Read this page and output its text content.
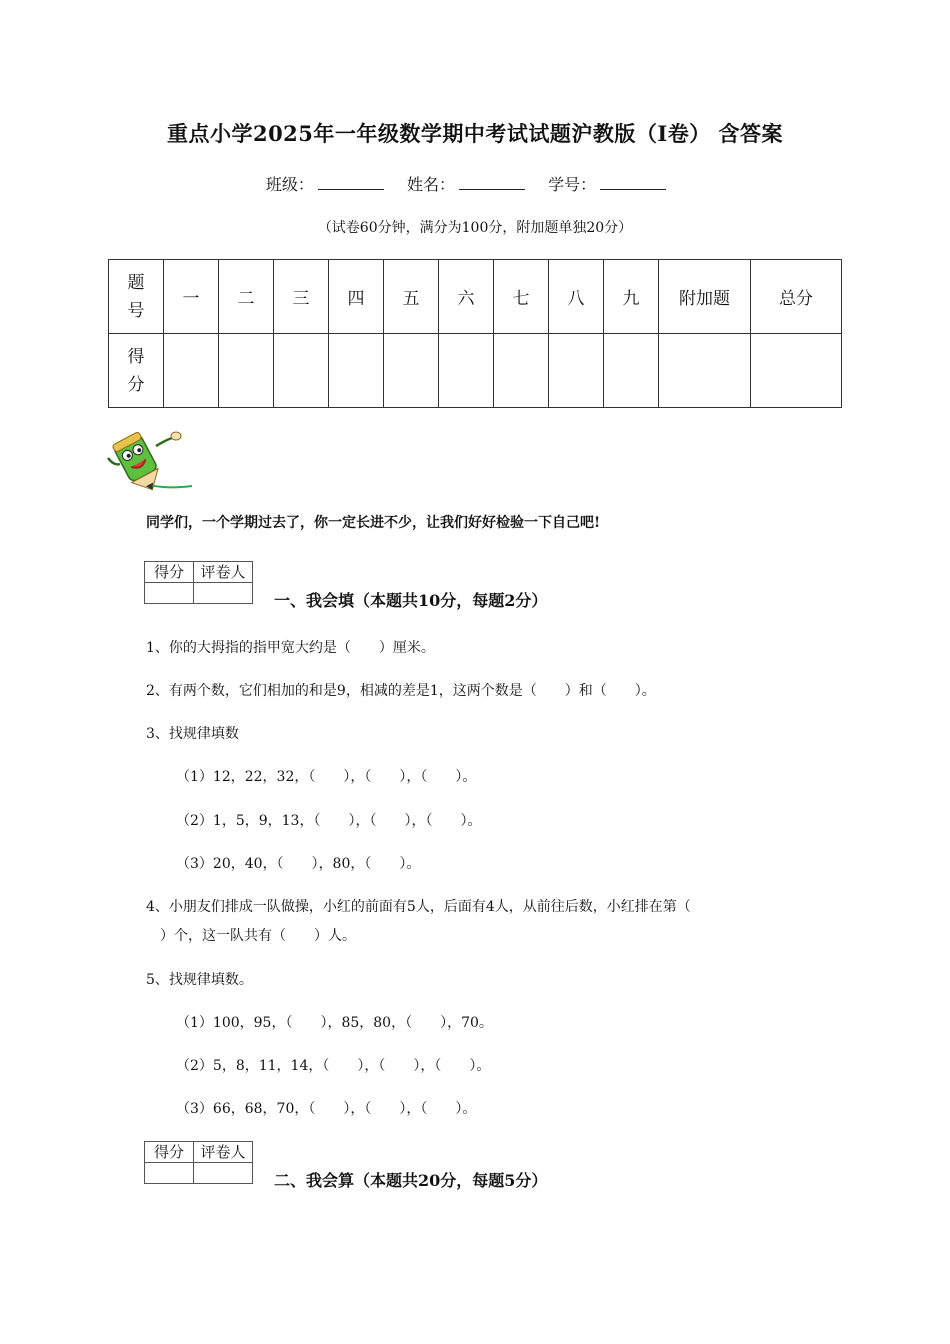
重点小学2025年一年级数学期中考试试题沪教版（I卷） 含答案
班级：	姓名：	学号：
（试卷60分钟，满分为100分，附加题单独20分）
题号	一	二	三	四	五	六	七	八	九	附加题	总分
得分											
同学们，一个学期过去了，你一定长进不少，让我们好好检验一下自己吧!
得分	评卷人

一、我会填（本题共10分，每题2分）
1、你的大拇指的指甲宽大约是（　　）厘米。
2、有两个数，它们相加的和是9，相减的差是1，这两个数是（　　）和（　　）。
3、找规律填数
（1）12，22，32，（　　），（　　），（　　）。
（2）1，5，9，13，（　　），（　　），（　　）。
（3）20，40，（　　），80，（　　）。
4、小朋友们排成一队做操，小红的前面有5人，后面有4人，从前往后数，小红排在第（
　）个，这一队共有（　　）人。
5、找规律填数。
（1）100，95，（　　），85，80，（　　），70。
（2）5，8，11，14，（　　），（　　），（　　）。
（3）66，68，70，（　　），（　　），（　　）。
得分	评卷人

二、我会算（本题共20分，每题5分）
